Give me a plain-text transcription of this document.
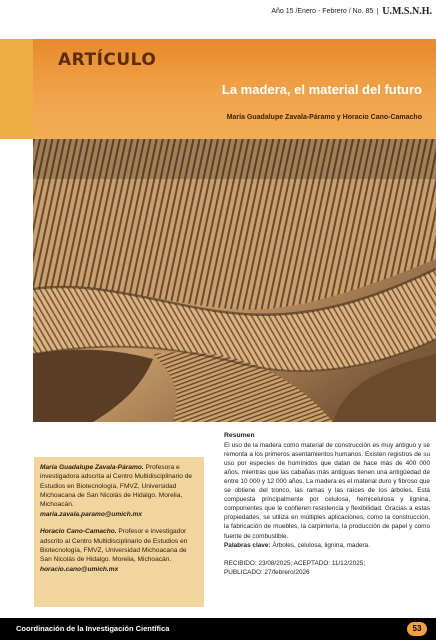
Año 15 /Enero - Febrero / No. 85 U.M.S.N.H.
ARTÍCULO
La madera, el material del futuro
María Guadalupe Zavala-Páramo y Horacio Cano-Camacho

María Guadalupe Zavala-Páramo. Profesora e investigadora adscrita al Centro Multidisciplinario de Estudios en Biotecnología, FMVZ, Universidad Michoacana de San Nicolás de Hidalgo. Morelia, Michoacán.
maria.zavala.paramo@umich.mx

Horacio Cano-Camacho. Profesor e investigador adscrito al Centro Multidisciplinario de Estudios en Biotecnología, FMVZ, Universidad Michoacana de San Nicolás de Hidalgo. Morelia, Michoacán.
horacio.cano@umich.mx

Resumen
El uso de la madera como material de construcción es muy antiguo y se remonta a los primeros asentamientos humanos. Existen registros de su uso por especies de homínidos que datan de hace más de 400 000 años, mientras que las cabañas más antiguas tienen una antigüedad de entre 10 000 y 12 000 años. La madera es el material duro y fibroso que se obtiene del tronco, las ramas y las raíces de los árboles. Está compuesta principalmente por celulosa, hemicelulosa y lignina, componentes que le confieren resistencia y flexibilidad. Gracias a estas propiedades, se utiliza en múltiples aplicaciones, como la construcción, la fabricación de muebles, la carpintería, la producción de papel y como fuente de combustible.
Palabras clave: Árboles, celulosa, lignina, madera.
RECIBIDO: 23/08/2025; ACEPTADO: 11/12/2025;
PUBLICADO: 27/febrero/2026
Coordinación de la Investigación Científica	53
